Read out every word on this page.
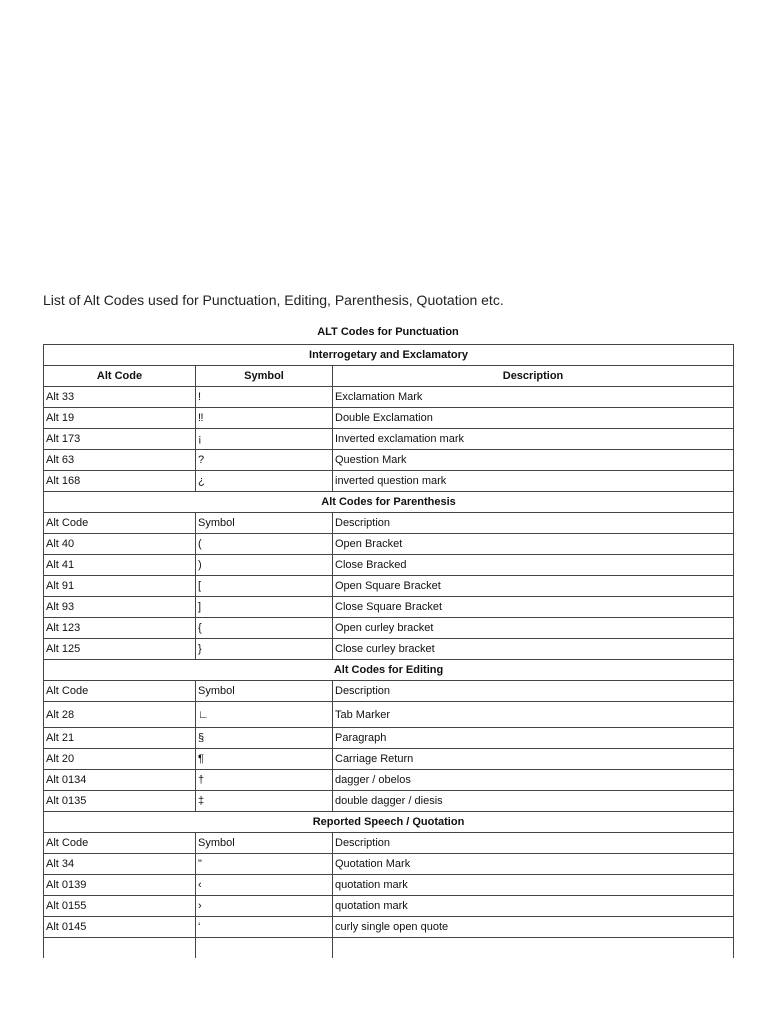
List of Alt Codes used for Punctuation, Editing, Parenthesis, Quotation etc.
ALT Codes for Punctuation
Interrogetary and Exclamatory		
Alt Code	Symbol	Description
Alt 33	!	Exclamation Mark
Alt 19	‼	Double Exclamation
Alt 173	¡	Inverted exclamation mark
Alt 63	?	Question Mark
Alt 168	¿	inverted question mark
Alt Codes for Parenthesis		
Alt Code	Symbol	Description
Alt 40	(	Open Bracket
Alt 41	)	Close Bracked
Alt 91	[	Open Square Bracket
Alt 93	]	Close Square Bracket
Alt 123	{	Open curley bracket
Alt 125	}	Close curley bracket
Alt Codes for Editing		
Alt Code	Symbol	Description
Alt 28	∟	Tab Marker
Alt 21	§	Paragraph
Alt 20	¶	Carriage Return
Alt 0134	†	dagger / obelos
Alt 0135	‡	double dagger / diesis
Reported Speech / Quotation		
Alt Code	Symbol	Description
Alt 34	"	Quotation Mark
Alt 0139	‹	quotation mark
Alt 0155	›	quotation mark
Alt 0145	‘	curly single open quote
